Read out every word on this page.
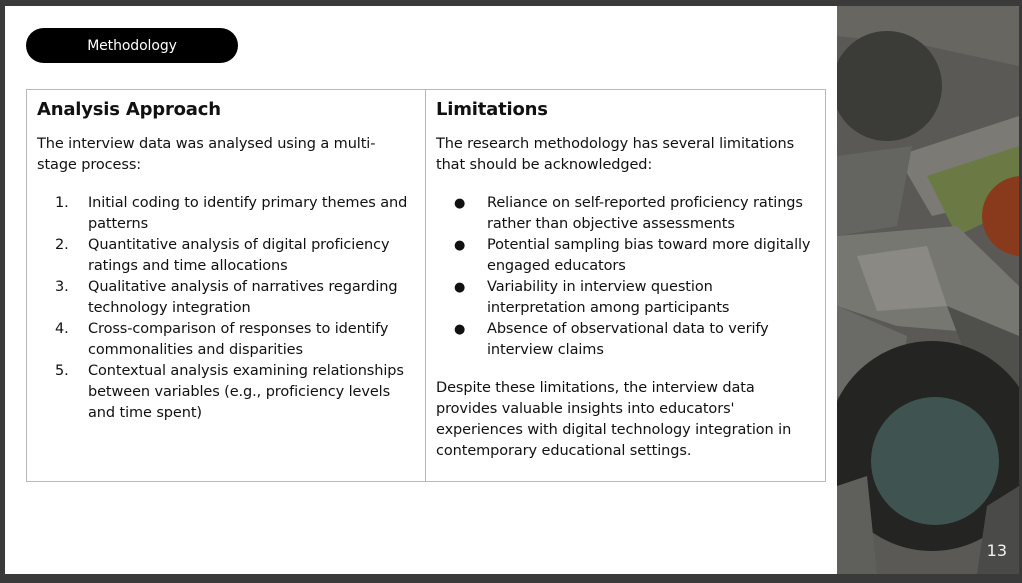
Methodology
Analysis Approach

The interview data was analysed using a multi-stage process:

1. Initial coding to identify primary themes and patterns
2. Quantitative analysis of digital proficiency ratings and time allocations
3. Qualitative analysis of narratives regarding technology integration
4. Cross-comparison of responses to identify commonalities and disparities
5. Contextual analysis examining relationships between variables (e.g., proficiency levels and time spent)
Limitations

The research methodology has several limitations that should be acknowledged:

● Reliance on self-reported proficiency ratings rather than objective assessments
● Potential sampling bias toward more digitally engaged educators
● Variability in interview question interpretation among participants
● Absence of observational data to verify interview claims

Despite these limitations, the interview data provides valuable insights into educators' experiences with digital technology integration in contemporary educational settings.

13
